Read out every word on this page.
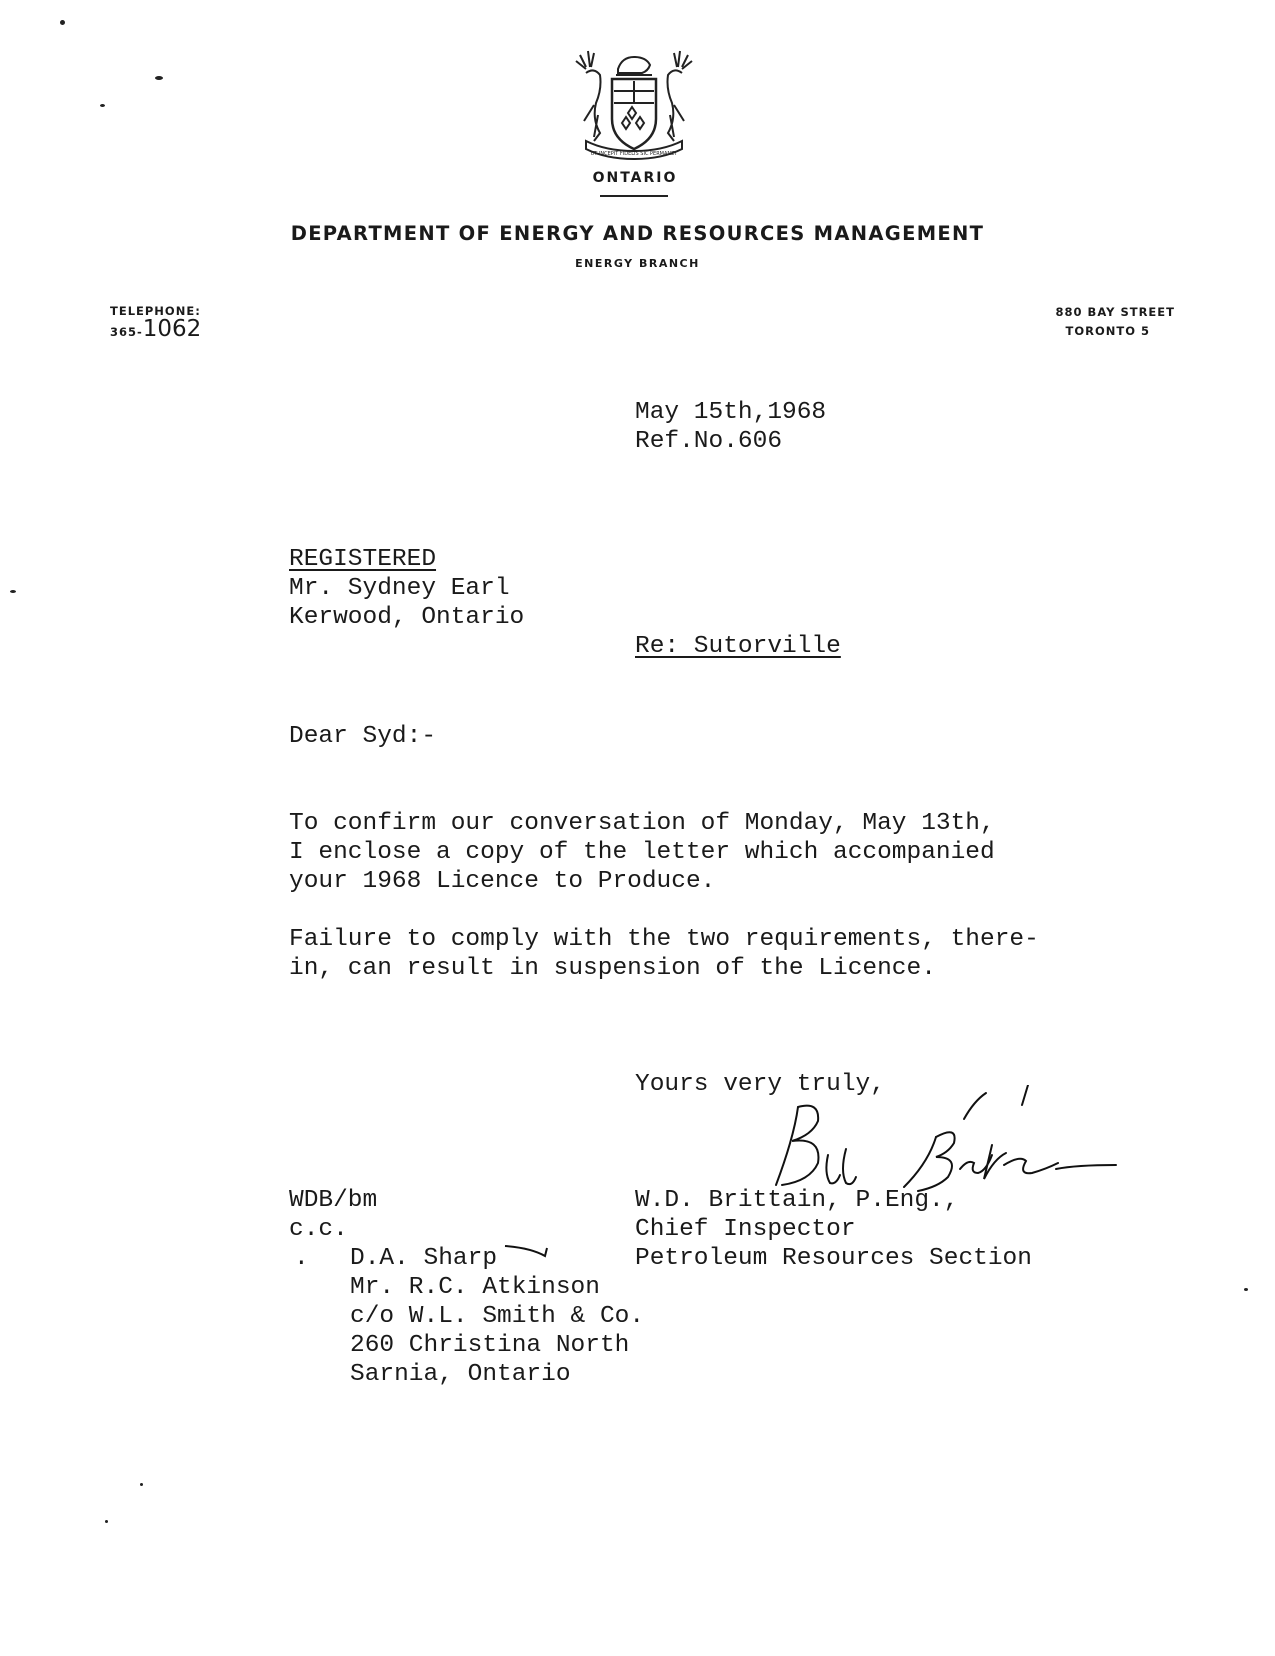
UT INCEPIT FIDELIS SIC PERMANET
ONTARIO
DEPARTMENT OF ENERGY AND RESOURCES MANAGEMENT
ENERGY BRANCH
TELEPHONE:
365-1062
880 BAY STREET
TORONTO 5
May 15th,1968
Ref.No.606
REGISTERED
Mr. Sydney Earl
Kerwood, Ontario
Re: Sutorville
Dear Syd:-
To confirm our conversation of Monday, May 13th,
I enclose a copy of the letter which accompanied
your 1968 Licence to Produce.
Failure to comply with the two requirements, there-
in, can result in suspension of the Licence.
Yours very truly,
W.D. Brittain, P.Eng.,
Chief Inspector
Petroleum Resources Section
WDB/bm
c.c.
. D.A. Sharp
Mr. R.C. Atkinson
c/o W.L. Smith & Co.
260 Christina North
Sarnia, Ontario
